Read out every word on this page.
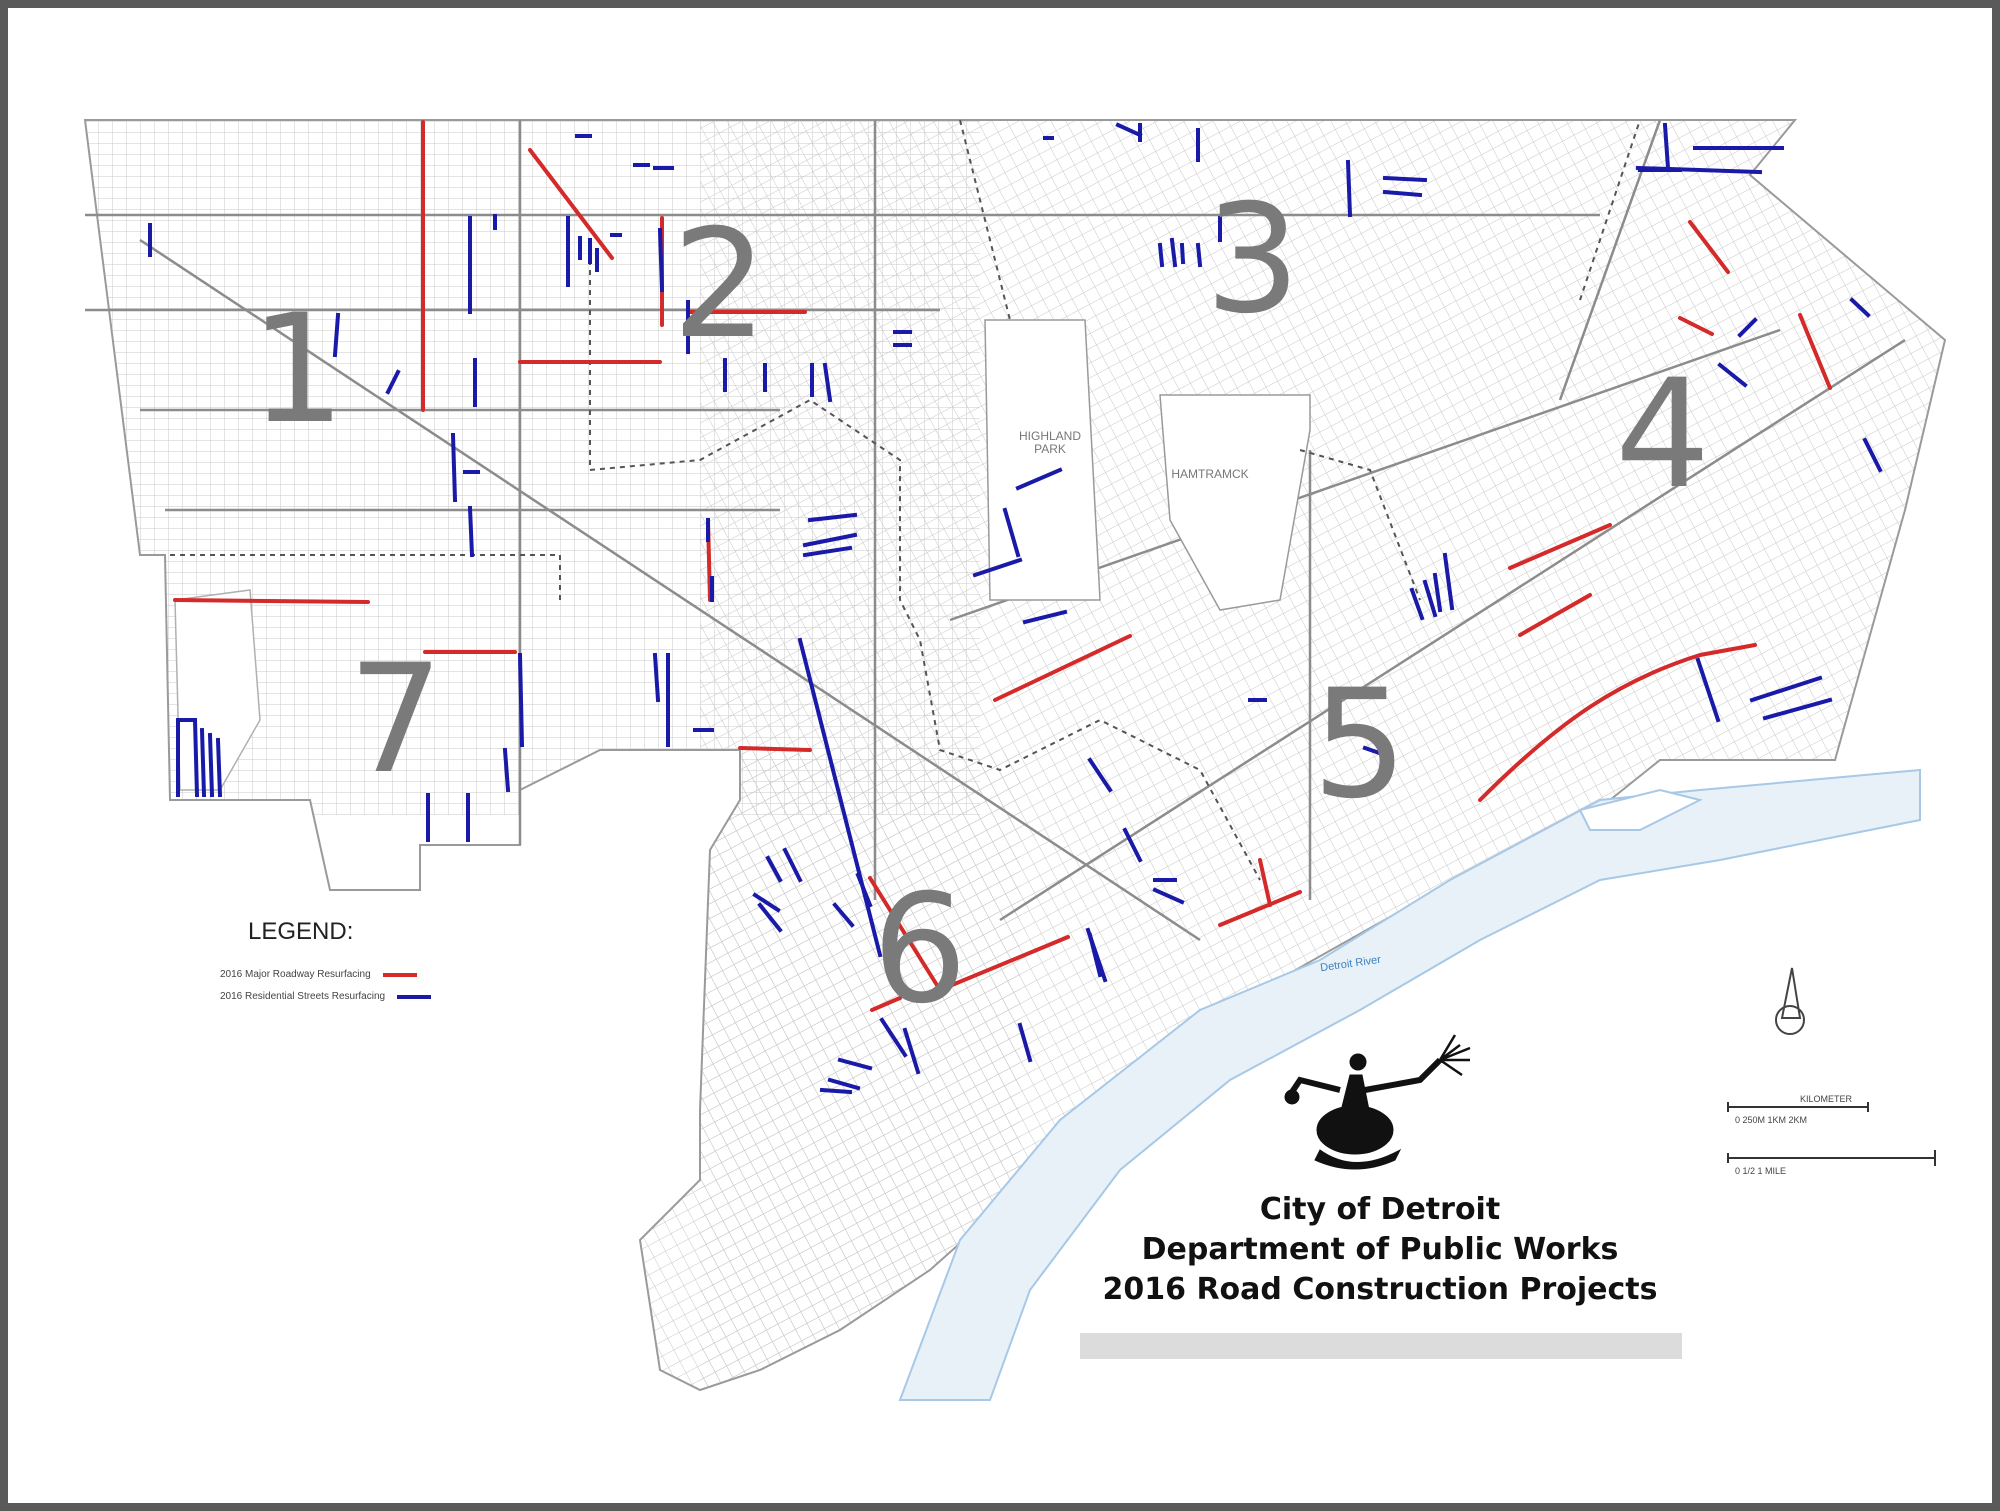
1 2	3
4
5
6
7
HIGHLAND PARK
HAMTRAMCK
Detroit River
LEGEND:
2016 Major Roadway Resurfacing
2016 Residential Streets Resurfacing
KILOMETER
0 250M 1KM 2KM
0 1/2 1 MILE
City of Detroit
Department of Public Works
2016 Road Construction Projects
